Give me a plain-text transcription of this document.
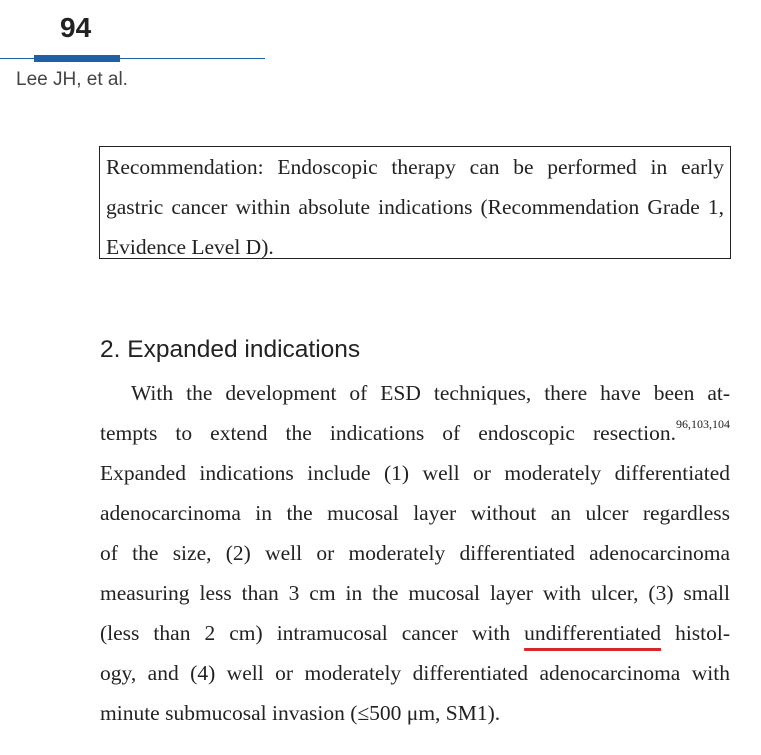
94
Lee JH, et al.
Recommendation: Endoscopic therapy can be performed in early gastric cancer within absolute indications (Recommendation Grade 1, Evidence Level D).
2. Expanded indications
With the development of ESD techniques, there have been at-
tempts to extend the indications of endoscopic resection.$^{96,103,104}$
Expanded indications include (1) well or moderately differentiated
adenocarcinoma in the mucosal layer without an ulcer regardless
of the size, (2) well or moderately differentiated adenocarcinoma
measuring less than 3 cm in the mucosal layer with ulcer, (3) small
(less than 2 cm) intramucosal cancer with undifferentiated histol-
ogy, and (4) well or moderately differentiated adenocarcinoma with
minute submucosal invasion (≤500 μm, SM1).
